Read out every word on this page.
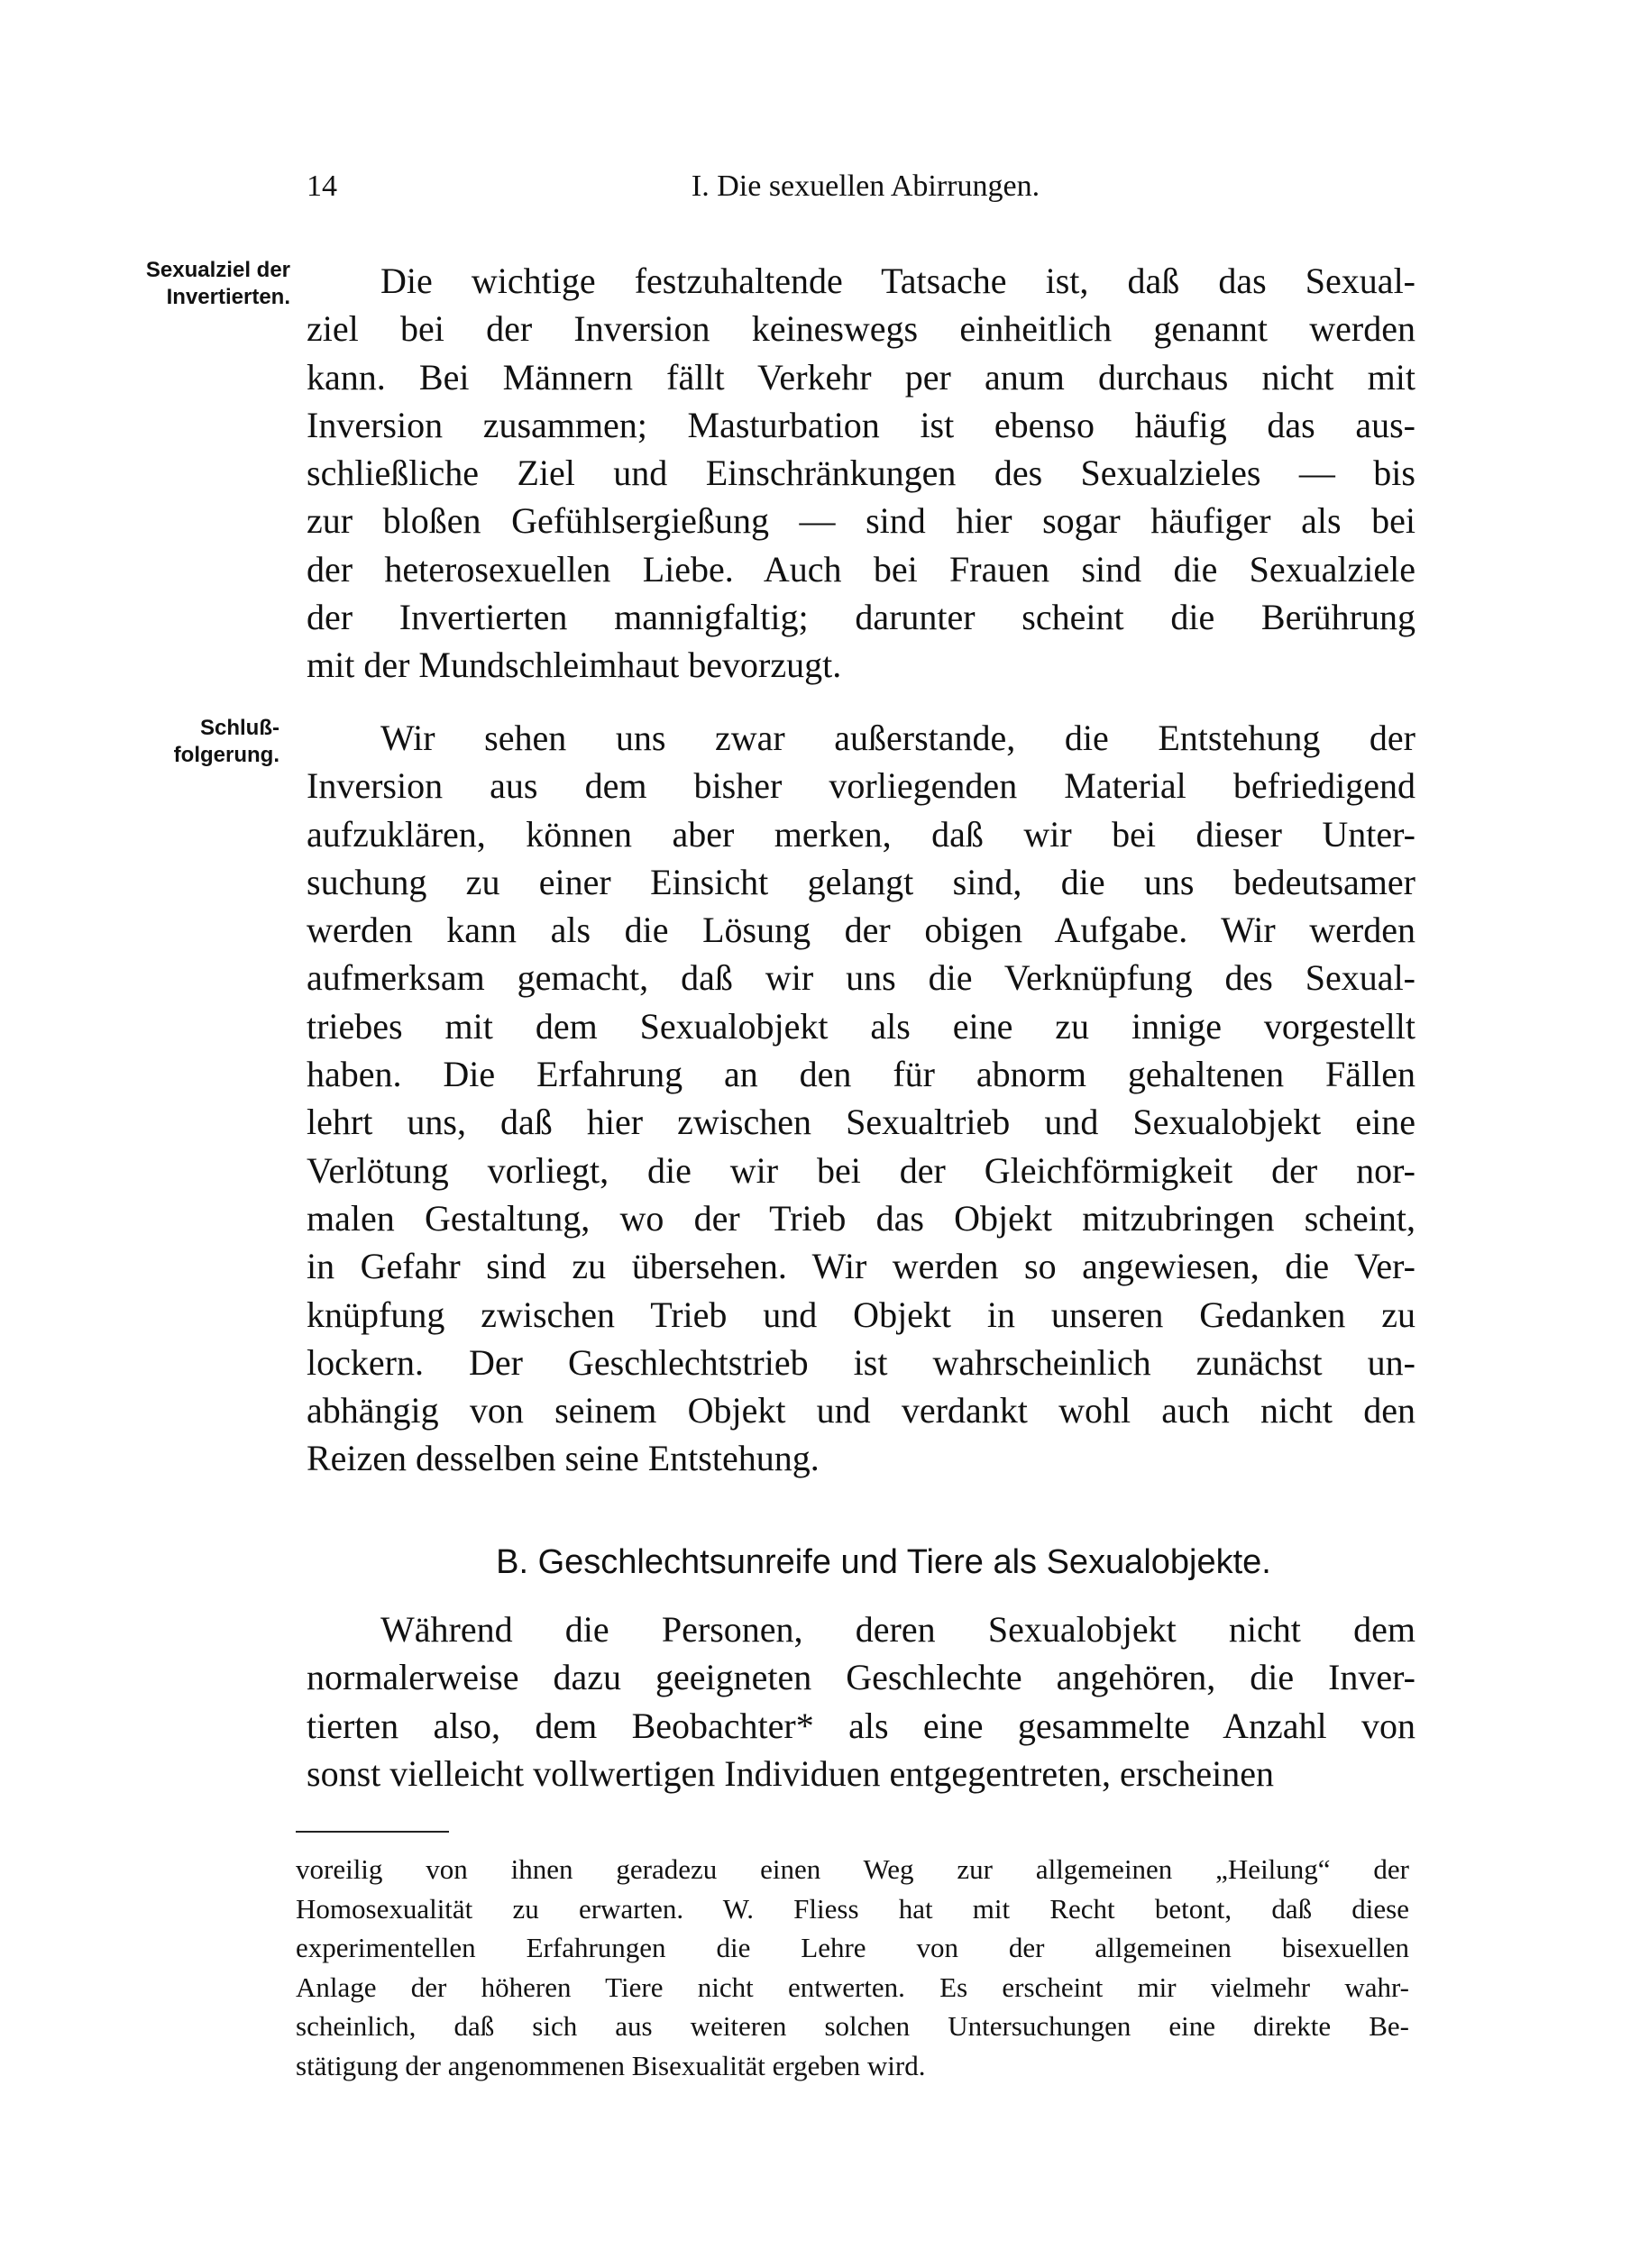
14	I. Die sexuellen Abirrungen.
Sexualziel der
Invertierten.
Schluß-
folgerung.
Die wichtige festzuhaltende Tatsache ist, daß das Sexual-
ziel bei der Inversion keineswegs einheitlich genannt werden
kann. Bei Männern fällt Verkehr per anum durchaus nicht mit
Inversion zusammen; Masturbation ist ebenso häufig das aus-
schließliche Ziel und Einschränkungen des Sexualzieles — bis
zur bloßen Gefühlsergießung — sind hier sogar häufiger als bei
der heterosexuellen Liebe. Auch bei Frauen sind die Sexualziele
der Invertierten mannigfaltig; darunter scheint die Berührung
mit der Mundschleimhaut bevorzugt.
Wir sehen uns zwar außerstande, die Entstehung der
Inversion aus dem bisher vorliegenden Material befriedigend
aufzuklären, können aber merken, daß wir bei dieser Unter-
suchung zu einer Einsicht gelangt sind, die uns bedeutsamer
werden kann als die Lösung der obigen Aufgabe. Wir werden
aufmerksam gemacht, daß wir uns die Verknüpfung des Sexual-
triebes mit dem Sexualobjekt als eine zu innige vorgestellt
haben. Die Erfahrung an den für abnorm gehaltenen Fällen
lehrt uns, daß hier zwischen Sexualtrieb und Sexualobjekt eine
Verlötung vorliegt, die wir bei der Gleichförmigkeit der nor-
malen Gestaltung, wo der Trieb das Objekt mitzubringen scheint,
in Gefahr sind zu übersehen. Wir werden so angewiesen, die Ver-
knüpfung zwischen Trieb und Objekt in unseren Gedanken zu
lockern. Der Geschlechtstrieb ist wahrscheinlich zunächst un-
abhängig von seinem Objekt und verdankt wohl auch nicht den
Reizen desselben seine Entstehung.
B. Geschlechtsunreife und Tiere als Sexualobjekte.
Während die Personen, deren Sexualobjekt nicht dem
normalerweise dazu geeigneten Geschlechte angehören, die Inver-
tierten also, dem Beobachter* als eine gesammelte Anzahl von
sonst vielleicht vollwertigen Individuen entgegentreten, erscheinen
voreilig von ihnen geradezu einen Weg zur allgemeinen „Heilung“ der
Homosexualität zu erwarten. W. Fliess hat mit Recht betont, daß diese
experimentellen Erfahrungen die Lehre von der allgemeinen bisexuellen
Anlage der höheren Tiere nicht entwerten. Es erscheint mir vielmehr wahr-
scheinlich, daß sich aus weiteren solchen Untersuchungen eine direkte Be-
stätigung der angenommenen Bisexualität ergeben wird.
